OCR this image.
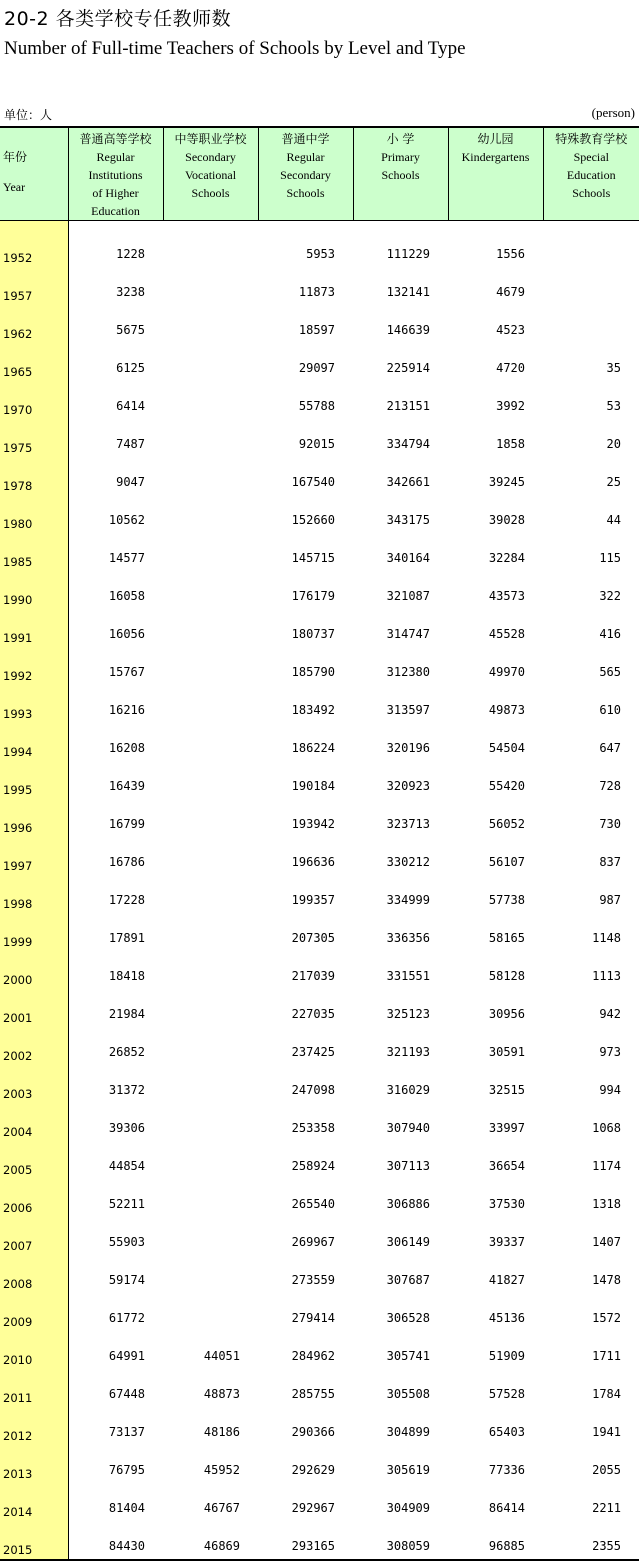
20-2 各类学校专任教师数
Number of Full-time Teachers of Schools by Level and Type
单位：人	(person)
年份
Year	普通高等学校
Regular
Institutions
of Higher
Education	中等职业学校
Secondary
Vocational
Schools	普通中学
Regular
Secondary
Schools	小 学
Primary
Schools	幼儿园
Kindergartens	特殊教育学校
Special
Education
Schools

1952	1228		5953	111229	1556	
1957	3238		11873	132141	4679	
1962	5675		18597	146639	4523	
1965	6125		29097	225914	4720	35
1970	6414		55788	213151	3992	53
1975	7487		92015	334794	1858	20
1978	9047		167540	342661	39245	25
1980	10562		152660	343175	39028	44
1985	14577		145715	340164	32284	115
1990	16058		176179	321087	43573	322
1991	16056		180737	314747	45528	416
1992	15767		185790	312380	49970	565
1993	16216		183492	313597	49873	610
1994	16208		186224	320196	54504	647
1995	16439		190184	320923	55420	728
1996	16799		193942	323713	56052	730
1997	16786		196636	330212	56107	837
1998	17228		199357	334999	57738	987
1999	17891		207305	336356	58165	1148
2000	18418		217039	331551	58128	1113
2001	21984		227035	325123	30956	942
2002	26852		237425	321193	30591	973
2003	31372		247098	316029	32515	994
2004	39306		253358	307940	33997	1068
2005	44854		258924	307113	36654	1174
2006	52211		265540	306886	37530	1318
2007	55903		269967	306149	39337	1407
2008	59174		273559	307687	41827	1478
2009	61772		279414	306528	45136	1572
2010	64991	44051	284962	305741	51909	1711
2011	67448	48873	285755	305508	57528	1784
2012	73137	48186	290366	304899	65403	1941
2013	76795	45952	292629	305619	77336	2055
2014	81404	46767	292967	304909	86414	2211
2015	84430	46869	293165	308059	96885	2355
